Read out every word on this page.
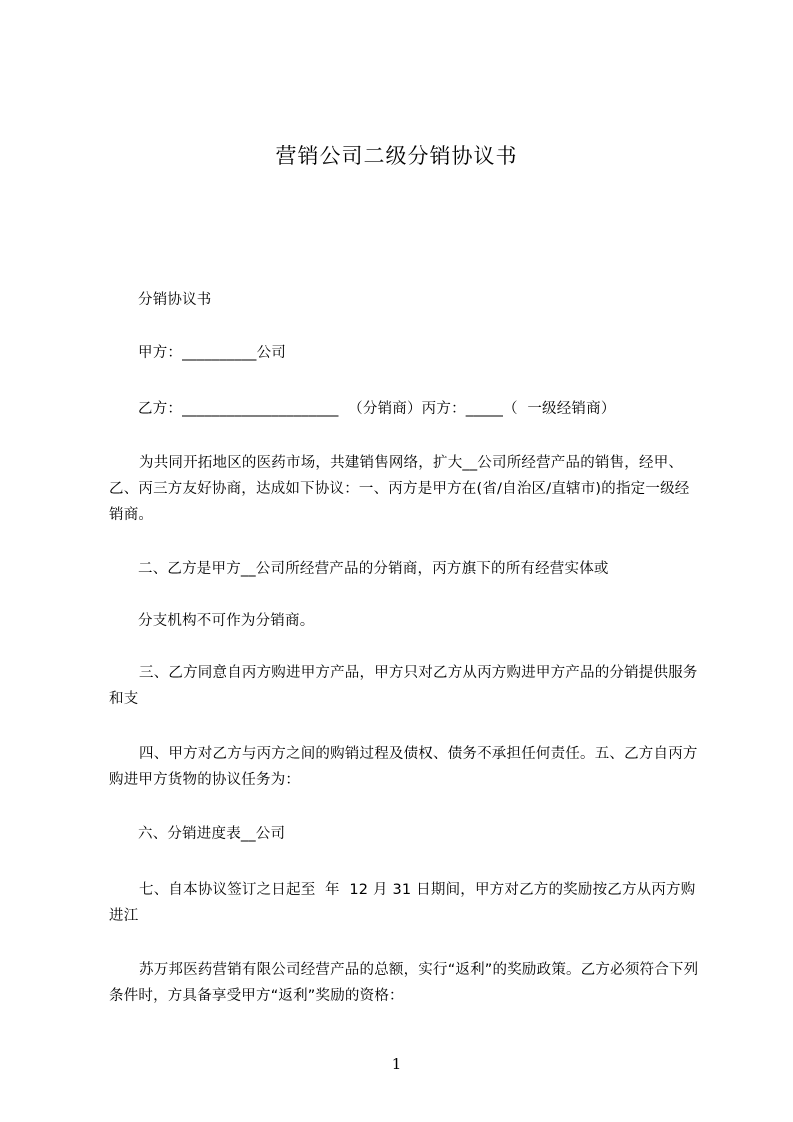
营销公司二级分销协议书

分销协议书

甲方：__________公司

乙方：_____________________  （分销商）丙方：_____（  一级经销商）

为共同开拓地区的医药市场，共建销售网络，扩大__公司所经营产品的销售，经甲、乙、丙三方友好协商，达成如下协议：一、丙方是甲方在(省/自治区/直辖市)的指定一级经销商。

二、乙方是甲方__公司所经营产品的分销商，丙方旗下的所有经营实体或

分支机构不可作为分销商。

三、乙方同意自丙方购进甲方产品，甲方只对乙方从丙方购进甲方产品的分销提供服务和支

四、甲方对乙方与丙方之间的购销过程及债权、债务不承担任何责任。五、乙方自丙方购进甲方货物的协议任务为：

六、分销进度表__公司

七、自本协议签订之日起至  年  12 月 31 日期间，甲方对乙方的奖励按乙方从丙方购进江

苏万邦医药营销有限公司经营产品的总额，实行“返利”的奖励政策。乙方必须符合下列条件时，方具备享受甲方“返利”奖励的资格：

1
